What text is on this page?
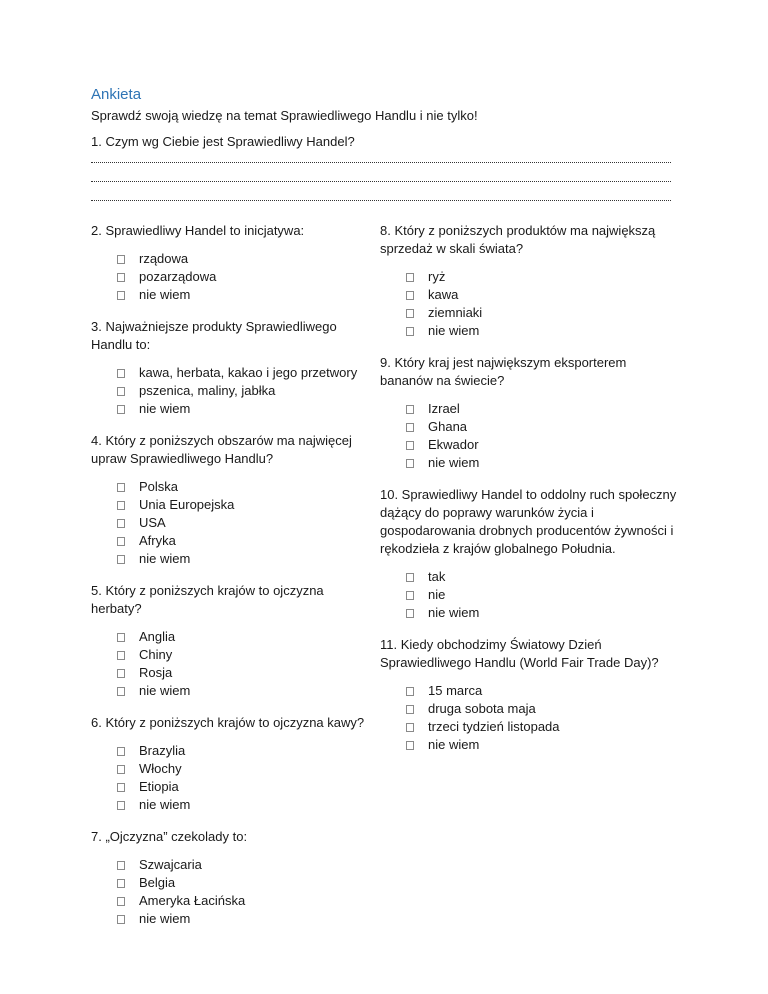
Ankieta
Sprawdź swoją wiedzę na temat Sprawiedliwego Handlu i nie tylko!
1. Czym wg Ciebie jest Sprawiedliwy Handel?

2. Sprawiedliwy Handel to inicjatywa:

rządowa
pozarządowa
nie wiem

3. Najważniejsze produkty Sprawiedliwego Handlu to:

kawa, herbata, kakao i jego przetwory
pszenica, maliny, jabłka
nie wiem

4. Który z poniższych obszarów ma najwięcej upraw Sprawiedliwego Handlu?

Polska
Unia Europejska
USA
Afryka
nie wiem

5. Który z poniższych krajów to ojczyzna herbaty?

Anglia
Chiny
Rosja
nie wiem

6. Który z poniższych krajów to ojczyzna kawy?

Brazylia
Włochy
Etiopia
nie wiem

7. „Ojczyzna” czekolady to:

Szwajcaria
Belgia
Ameryka Łacińska
nie wiem

8. Który z poniższych produktów ma największą sprzedaż w skali świata?

ryż
kawa
ziemniaki
nie wiem

9. Który kraj jest największym eksporterem bananów na świecie?

Izrael
Ghana
Ekwador
nie wiem

10. Sprawiedliwy Handel to oddolny ruch społeczny dążący do poprawy warunków życia i gospodarowania drobnych producentów żywności i rękodzieła z krajów globalnego Południa.

tak
nie
nie wiem

11. Kiedy obchodzimy Światowy Dzień Sprawiedliwego Handlu (World Fair Trade Day)?

15 marca
druga sobota maja
trzeci tydzień listopada
nie wiem
